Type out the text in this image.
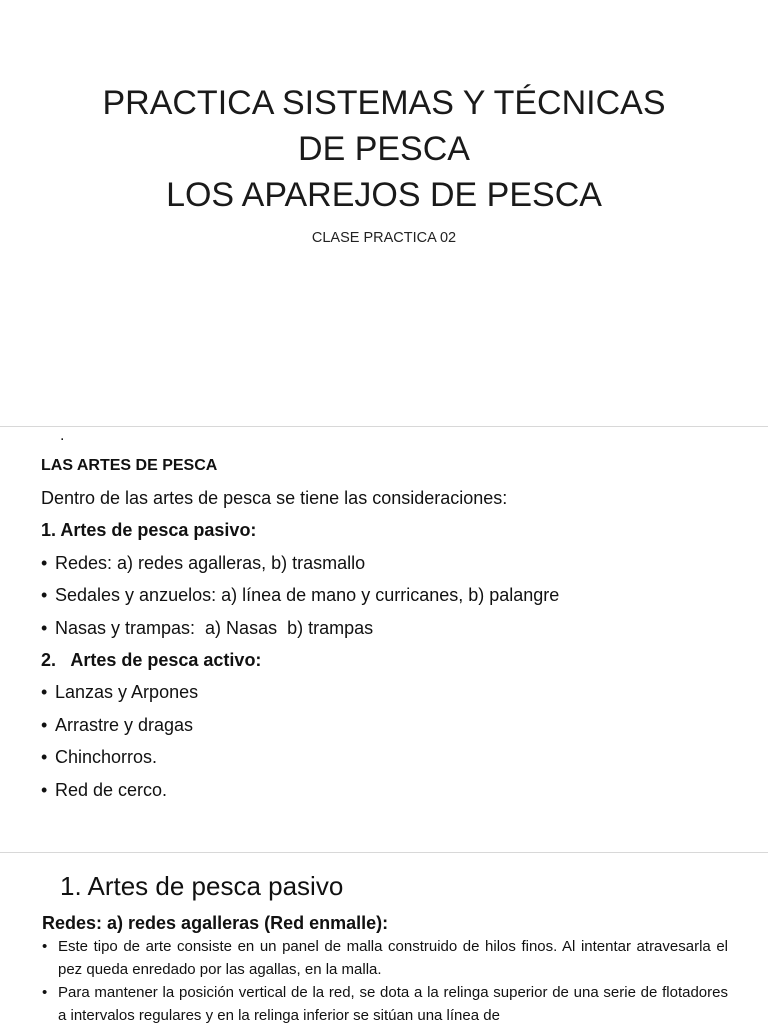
PRACTICA SISTEMAS Y TÉCNICAS
DE PESCA
LOS APAREJOS DE PESCA
CLASE PRACTICA 02
.
LAS ARTES DE PESCA
Dentro de las artes de pesca se tiene las consideraciones:
1. Artes de pesca pasivo:
• Redes: a) redes agalleras, b) trasmallo
• Sedales y anzuelos: a) línea de mano y curricanes, b) palangre
• Nasas y trampas:  a) Nasas  b) trampas
2.   Artes de pesca activo:
• Lanzas y Arpones
• Arrastre y dragas
• Chinchorros.
• Red de cerco.
1. Artes de pesca pasivo
Redes: a) redes agalleras (Red enmalle):
• Este tipo de arte consiste en un panel de malla construido de hilos finos. Al intentar atravesarla el pez queda enredado por las agallas, en la malla.
• Para mantener la posición vertical de la red, se dota a la relinga superior de una serie de flotadores a intervalos regulares y en la relinga inferior se sitúan una línea de
